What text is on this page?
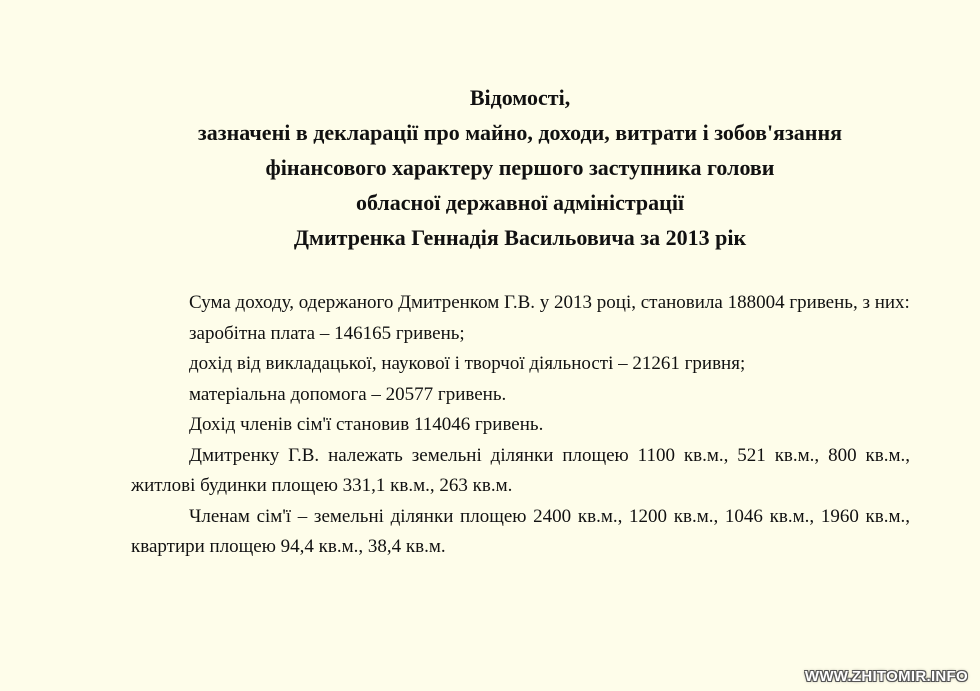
Відомості,
зазначені в декларації про майно, доходи, витрати і зобов'язання
фінансового характеру першого заступника голови
обласної державної адміністрації
Дмитренка Геннадія Васильовича за 2013 рік

Сума доходу, одержаного Дмитренком Г.В. у 2013 році, становила 188004 гривень, з них:

заробітна плата – 146165 гривень;

дохід від викладацької, наукової і творчої діяльності – 21261 гривня;

матеріальна допомога – 20577 гривень.

Дохід членів сім'ї становив 114046 гривень.

Дмитренку Г.В. належать земельні ділянки площею 1100 кв.м., 521 кв.м., 800 кв.м., житлові будинки площею 331,1 кв.м., 263 кв.м.

Членам сім'ї – земельні ділянки площею 2400 кв.м., 1200 кв.м., 1046 кв.м., 1960 кв.м., квартири площею 94,4 кв.м., 38,4 кв.м.

WWW.ZHITOMIR.INFO
